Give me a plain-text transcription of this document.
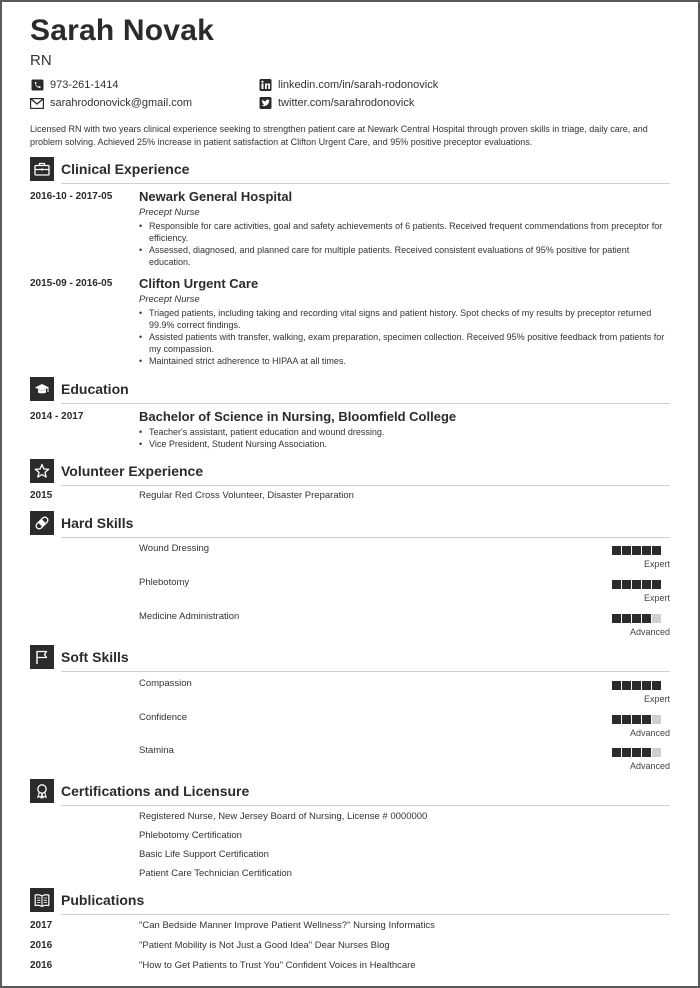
Sarah Novak
RN
973-261-1414
sarahrodonovick@gmail.com
linkedin.com/in/sarah-rodonovick
twitter.com/sarahrodonovick
Licensed RN with two years clinical experience seeking to strengthen patient care at Newark Central Hospital through proven skills in triage, daily care, and problem solving. Achieved 25% increase in patient satisfaction at Clifton Urgent Care, and 95% positive preceptor evaluations.
Clinical Experience
2016-10 - 2017-05 Newark General Hospital
Precept Nurse
• Responsible for care activities, goal and safety achievements of 6 patients. Received frequent commendations from preceptor for efficiency.
• Assessed, diagnosed, and planned care for multiple patients. Received consistent evaluations of 95% positive for patient education.
2015-09 - 2016-05 Clifton Urgent Care
Precept Nurse
• Triaged patients, including taking and recording vital signs and patient history. Spot checks of my results by preceptor returned 99.9% correct findings.
• Assisted patients with transfer, walking, exam preparation, specimen collection. Received 95% positive feedback from patients for my compassion.
• Maintained strict adherence to HIPAA at all times.
Education
2014 - 2017	Bachelor of Science in Nursing, Bloomfield College
• Teacher's assistant, patient education and wound dressing.
• Vice President, Student Nursing Association.
Volunteer Experience
2015	Regular Red Cross Volunteer, Disaster Preparation
Hard Skills
Wound Dressing
Expert
Phlebotomy
Expert
Medicine Administration
Advanced
Soft Skills
Compassion
Expert
Confidence
Advanced
Stamina
Advanced
Certifications and Licensure
Registered Nurse, New Jersey Board of Nursing, License # 0000000
Phlebotomy Certification
Basic Life Support Certification
Patient Care Technician Certification
Publications
2017	"Can Bedside Manner Improve Patient Wellness?" Nursing Informatics
2016	"Patient Mobility is Not Just a Good Idea" Dear Nurses Blog
2016	"How to Get Patients to Trust You" Confident Voices in Healthcare
